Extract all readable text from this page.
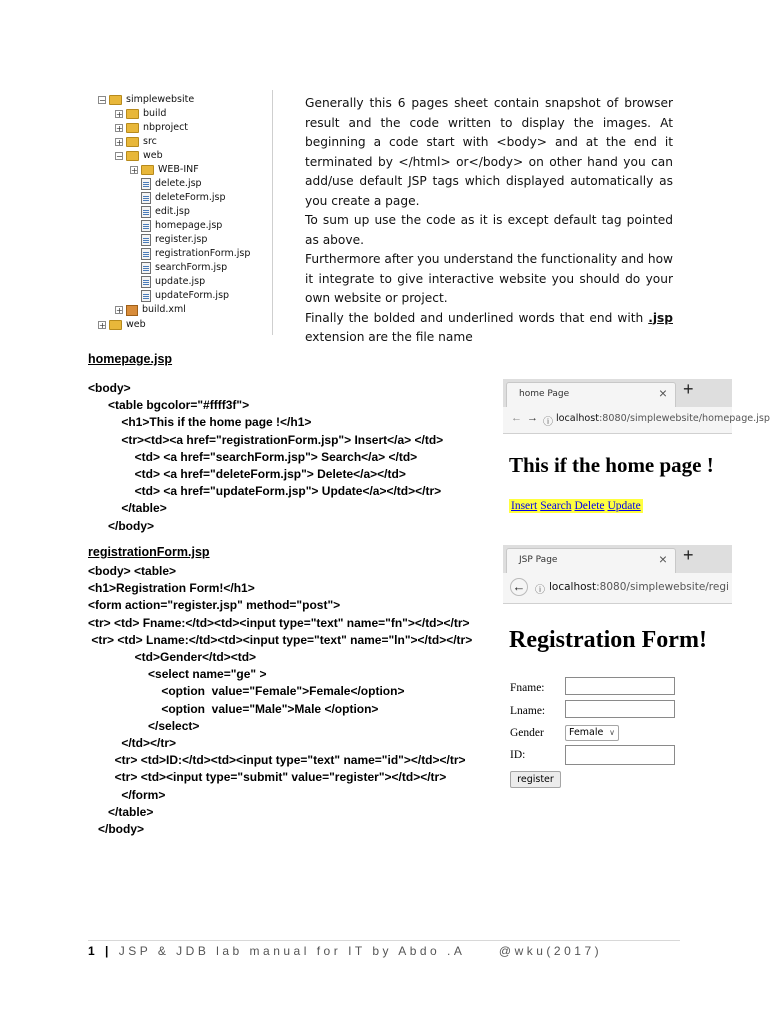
− simplewebsite
+ build
+ nbproject
+ src
− web
+ WEB-INF
delete.jsp
deleteForm.jsp
edit.jsp
homepage.jsp
register.jsp
registrationForm.jsp
searchForm.jsp
update.jsp
updateForm.jsp
+ build.xml
+ web

Generally this 6 pages sheet contain snapshot of browser result and the code written to display the images. At beginning a code start with <body> and at the end it terminated by </html> or</body> on other hand you can add/use default JSP tags which displayed automatically as you create a page.

To sum up use the code as it is except default tag pointed as above.

Furthermore after you understand the functionality and how it integrate to give interactive website you should do your own website or project.

Finally the bolded and underlined words that end with .jsp extension are the file name

homepage.jsp
<body>
<table bgcolor="#ffff3f">
<h1>This if the home page !</h1>
<tr><td><a href="registrationForm.jsp"> Insert</a> </td>
<td> <a href="searchForm.jsp"> Search</a> </td>
<td> <a href="deleteForm.jsp"> Delete</a></td>
<td> <a href="updateForm.jsp"> Update</a></td></tr>
</table>
</body>
home Page	× +
← → ⓘ localhost:8080/simplewebsite/homepage.jsp
This if the home page !
Insert Search Delete Update
registrationForm.jsp
<body> <table>
<h1>Registration Form!</h1>
<form action="register.jsp" method="post">
<tr> <td> Fname:</td><td><input type="text" name="fn"></td></tr>
<tr> <td> Lname:</td><td><input type="text" name="ln"></td></tr>
<td>Gender</td><td>
<select name="ge" >
<option  value="Female">Female</option>
<option  value="Male">Male </option>
</select>
</td></tr>
<tr> <td>ID:</td><td><input type="text" name="id"></td></tr>
<tr> <td><input type="submit" value="register"></td></tr>
</form>
</table>
</body>
JSP Page	× +
← ⓘ localhost:8080/simplewebsite/regi
Registration Form!
Fname:
Lname:
Gender	Female ∨
ID:
register
1 | JSP & JDB lab manual for IT by Abdo .A	@wku(2017)
